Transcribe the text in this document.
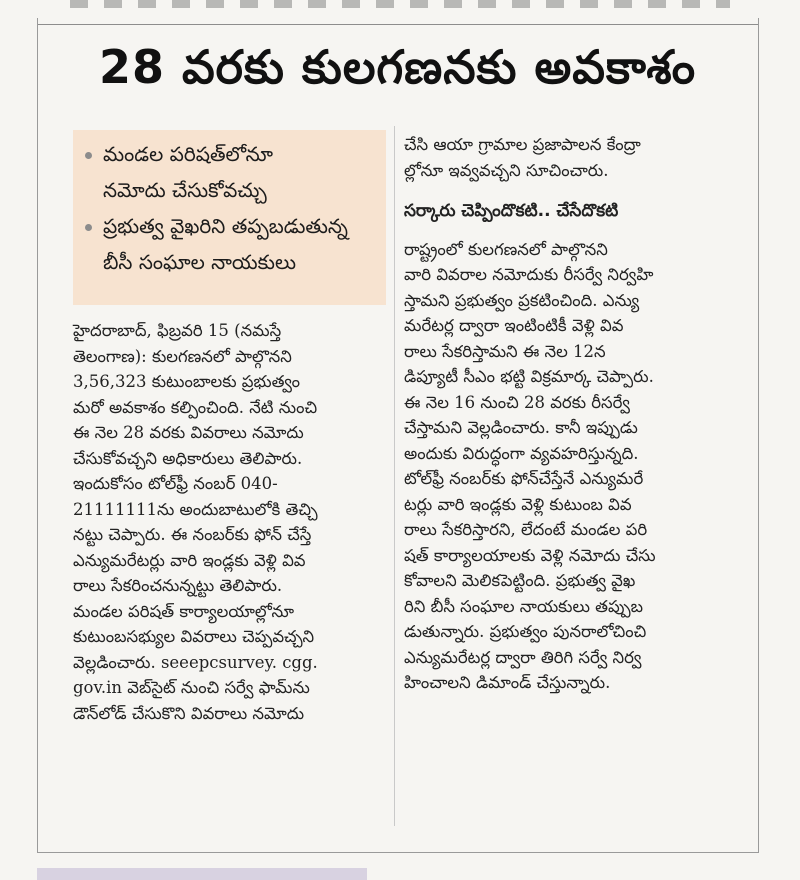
28 వరకు కులగణనకు అవకాశం
మండల పరిషత్‌లోనూ
నమోదు చేసుకోవచ్చు
ప్రభుత్వ వైఖరిని తప్పబడుతున్న
బీసీ సంఘాల నాయకులు
హైదరాబాద్, ఫిబ్రవరి 15 (నమస్తే
తెలంగాణ): కులగణనలో పాల్గొనని
3,56,323 కుటుంబాలకు ప్రభుత్వం
మరో అవకాశం కల్పించింది. నేటి నుంచి
ఈ నెల 28 వరకు వివరాలు నమోదు
చేసుకోవచ్చని అధికారులు తెలిపారు.
ఇందుకోసం టోల్‌ఫ్రీ నంబర్ 040-
21111111ను అందుబాటులోకి తెచ్చి
నట్టు చెప్పారు. ఈ నంబర్‌కు ఫోన్ చేస్తే
ఎన్యుమరేటర్లు వారి ఇండ్లకు వెళ్లి వివ
రాలు సేకరించనున్నట్టు తెలిపారు.
మండల పరిషత్ కార్యాలయాల్లోనూ
కుటుంబసభ్యుల వివరాలు చెప్పవచ్చని
వెల్లడించారు. seeepcsurvey. cgg.
gov.in వెబ్‌సైట్ నుంచి సర్వే ఫామ్‌ను
డౌన్‌లోడ్ చేసుకొని వివరాలు నమోదు
చేసి ఆయా గ్రామాల ప్రజాపాలన కేంద్రా
ల్లోనూ ఇవ్వవచ్చని సూచించారు.
సర్కారు చెప్పిందొకటి.. చేసేదొకటి
రాష్ట్రంలో కులగణనలో పాల్గొనని
వారి వివరాల నమోదుకు రీసర్వే నిర్వహి
స్తామని ప్రభుత్వం ప్రకటించింది. ఎన్యు
మరేటర్ల ద్వారా ఇంటింటికీ వెళ్లి వివ
రాలు సేకరిస్తామని ఈ నెల 12న
డిప్యూటీ సీఎం భట్టి విక్రమార్క చెప్పారు.
ఈ నెల 16 నుంచి 28 వరకు రీసర్వే
చేస్తామని వెల్లడించారు. కానీ ఇప్పుడు
అందుకు విరుద్ధంగా వ్యవహరిస్తున్నది.
టోల్‌ఫ్రీ నంబర్‌కు ఫోన్‌చేస్తేనే ఎన్యుమరే
టర్లు వారి ఇండ్లకు వెళ్లి కుటుంబ వివ
రాలు సేకరిస్తారని, లేదంటే మండల పరి
షత్ కార్యాలయాలకు వెళ్లి నమోదు చేసు
కోవాలని మెలికపెట్టింది. ప్రభుత్వ వైఖ
రిని బీసీ సంఘాల నాయకులు తప్పుబ
డుతున్నారు. ప్రభుత్వం పునరాలోచించి
ఎన్యుమరేటర్ల ద్వారా తిరిగి సర్వే నిర్వ
హించాలని డిమాండ్ చేస్తున్నారు.
